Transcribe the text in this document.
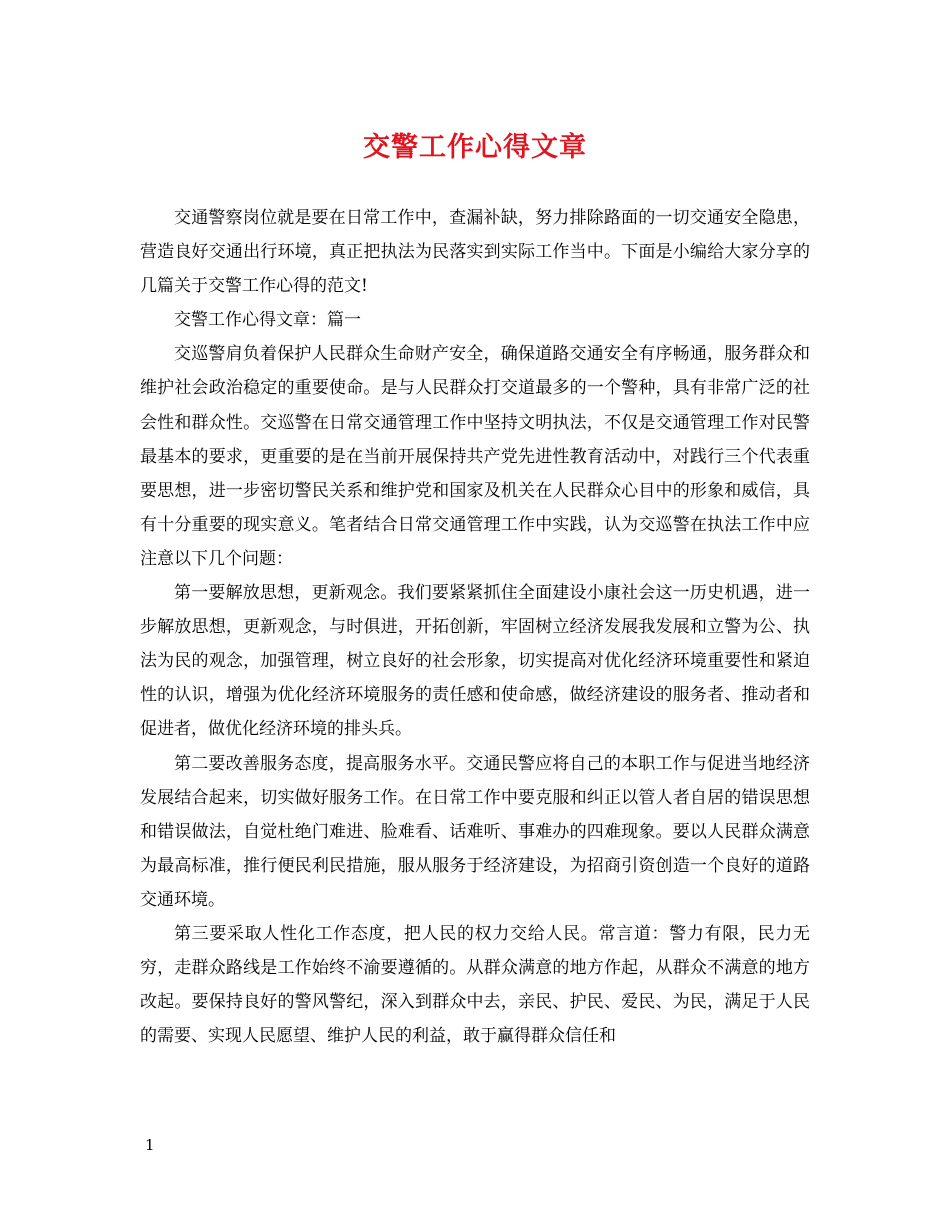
交警工作心得文章

交通警察岗位就是要在日常工作中，查漏补缺，努力排除路面的一切交通安全隐患，营造良好交通出行环境，真正把执法为民落实到实际工作当中。下面是小编给大家分享的几篇关于交警工作心得的范文!

交警工作心得文章：篇一

交巡警肩负着保护人民群众生命财产安全，确保道路交通安全有序畅通，服务群众和维护社会政治稳定的重要使命。是与人民群众打交道最多的一个警种，具有非常广泛的社会性和群众性。交巡警在日常交通管理工作中坚持文明执法，不仅是交通管理工作对民警最基本的要求，更重要的是在当前开展保持共产党先进性教育活动中，对践行三个代表重要思想，进一步密切警民关系和维护党和国家及机关在人民群众心目中的形象和威信，具有十分重要的现实意义。笔者结合日常交通管理工作中实践，认为交巡警在执法工作中应注意以下几个问题：

第一要解放思想，更新观念。我们要紧紧抓住全面建设小康社会这一历史机遇，进一步解放思想，更新观念，与时俱进，开拓创新，牢固树立经济发展我发展和立警为公、执法为民的观念，加强管理，树立良好的社会形象，切实提高对优化经济环境重要性和紧迫性的认识，增强为优化经济环境服务的责任感和使命感，做经济建设的服务者、推动者和促进者，做优化经济环境的排头兵。

第二要改善服务态度，提高服务水平。交通民警应将自己的本职工作与促进当地经济发展结合起来，切实做好服务工作。在日常工作中要克服和纠正以管人者自居的错误思想和错误做法，自觉杜绝门难进、脸难看、话难听、事难办的四难现象。要以人民群众满意为最高标准，推行便民利民措施，服从服务于经济建设，为招商引资创造一个良好的道路交通环境。

第三要采取人性化工作态度，把人民的权力交给人民。常言道：警力有限，民力无穷，走群众路线是工作始终不渝要遵循的。从群众满意的地方作起，从群众不满意的地方改起。要保持良好的警风警纪，深入到群众中去，亲民、护民、爱民、为民，满足于人民的需要、实现人民愿望、维护人民的利益，敢于赢得群众信任和

1
